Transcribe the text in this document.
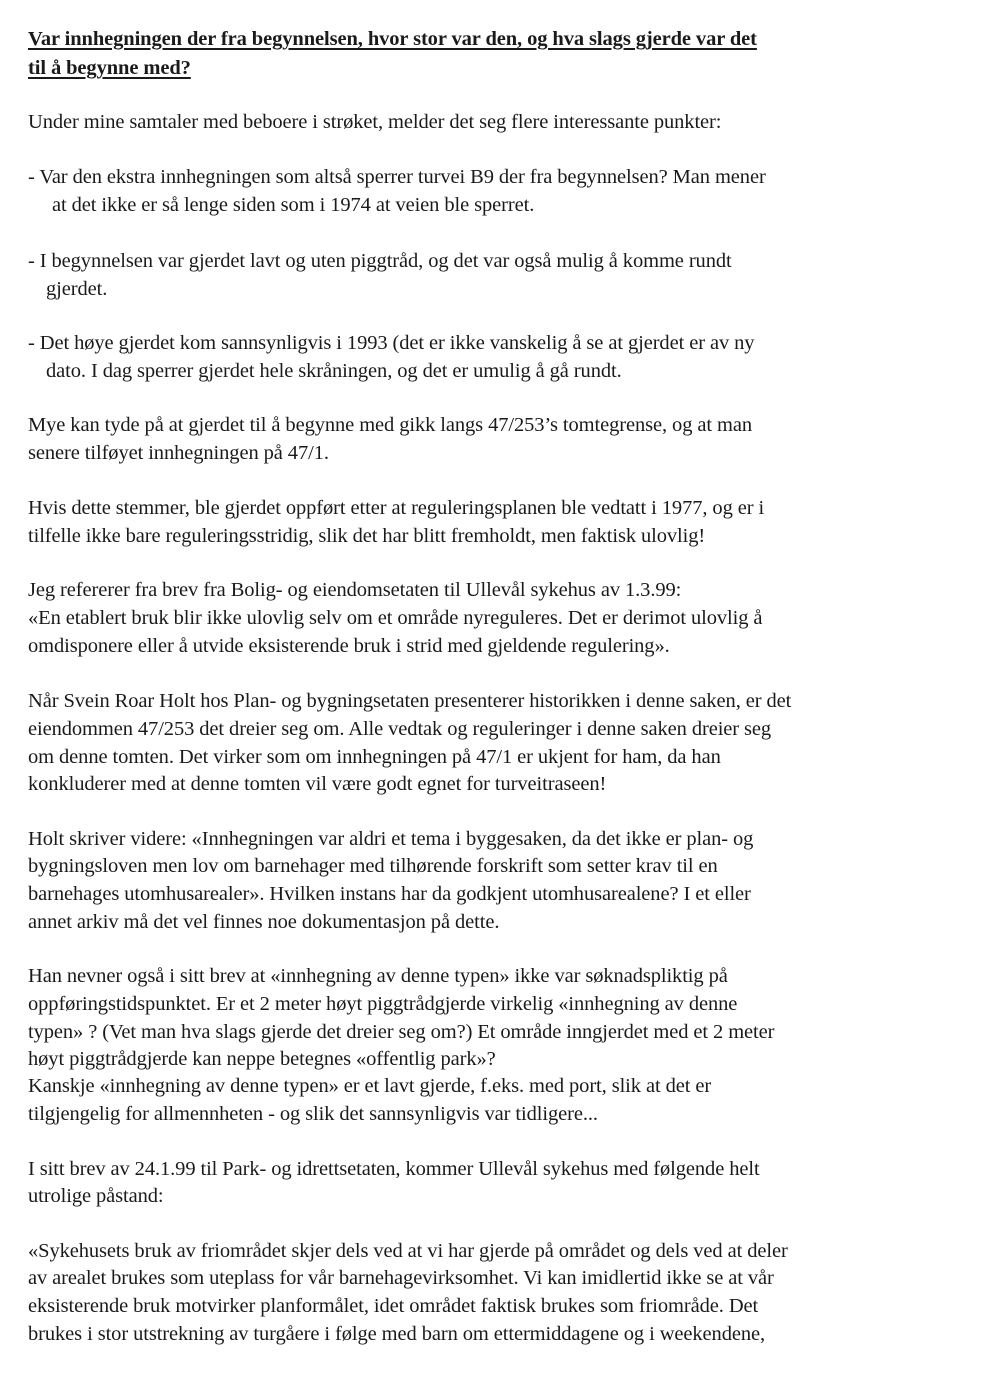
Var innhegningen der fra begynnelsen, hvor stor var den, og hva slags gjerde var det
til å begynne med?
Under mine samtaler med beboere i strøket, melder det seg flere interessante punkter:
- Var den ekstra innhegningen som altså sperrer turvei B9 der fra begynnelsen? Man mener
at det ikke er så lenge siden som i 1974 at veien ble sperret.
- I begynnelsen var gjerdet lavt og uten piggtråd, og det var også mulig å komme rundt
gjerdet.
- Det høye gjerdet kom sannsynligvis i 1993 (det er ikke vanskelig å se at gjerdet er av ny
dato. I dag sperrer gjerdet hele skråningen, og det er umulig å gå rundt.
Mye kan tyde på at gjerdet til å begynne med gikk langs 47/253’s tomtegrense, og at man
senere tilføyet innhegningen på 47/1.
Hvis dette stemmer, ble gjerdet oppført etter at reguleringsplanen ble vedtatt i 1977, og er i
tilfelle ikke bare reguleringsstridig, slik det har blitt fremholdt, men faktisk ulovlig!
Jeg refererer fra brev fra Bolig- og eiendomsetaten til Ullevål sykehus av 1.3.99:
«En etablert bruk blir ikke ulovlig selv om et område nyreguleres. Det er derimot ulovlig å
omdisponere eller å utvide eksisterende bruk i strid med gjeldende regulering».
Når Svein Roar Holt hos Plan- og bygningsetaten presenterer historikken i denne saken, er det
eiendommen 47/253 det dreier seg om. Alle vedtak og reguleringer i denne saken dreier seg
om denne tomten. Det virker som om innhegningen på 47/1 er ukjent for ham, da han
konkluderer med at denne tomten vil være godt egnet for turveitraseen!
Holt skriver videre: «Innhegningen var aldri et tema i byggesaken, da det ikke er plan- og
bygningsloven men lov om barnehager med tilhørende forskrift som setter krav til en
barnehages utomhusarealer». Hvilken instans har da godkjent utomhusarealene? I et eller
annet arkiv må det vel finnes noe dokumentasjon på dette.
Han nevner også i sitt brev at «innhegning av denne typen» ikke var søknadspliktig på
oppføringstidspunktet. Er et 2 meter høyt piggtrådgjerde virkelig «innhegning av denne
typen» ? (Vet man hva slags gjerde det dreier seg om?) Et område inngjerdet med et 2 meter
høyt piggtrådgjerde kan neppe betegnes «offentlig park»?
Kanskje «innhegning av denne typen» er et lavt gjerde, f.eks. med port, slik at det er
tilgjengelig for allmennheten - og slik det sannsynligvis var tidligere...
I sitt brev av 24.1.99 til Park- og idrettsetaten, kommer Ullevål sykehus med følgende helt
utrolige påstand:
«Sykehusets bruk av friområdet skjer dels ved at vi har gjerde på området og dels ved at deler
av arealet brukes som uteplass for vår barnehagevirksomhet. Vi kan imidlertid ikke se at vår
eksisterende bruk motvirker planformålet, idet området faktisk brukes som friområde. Det
brukes i stor utstrekning av turgåere i følge med barn om ettermiddagene og i weekendene,
